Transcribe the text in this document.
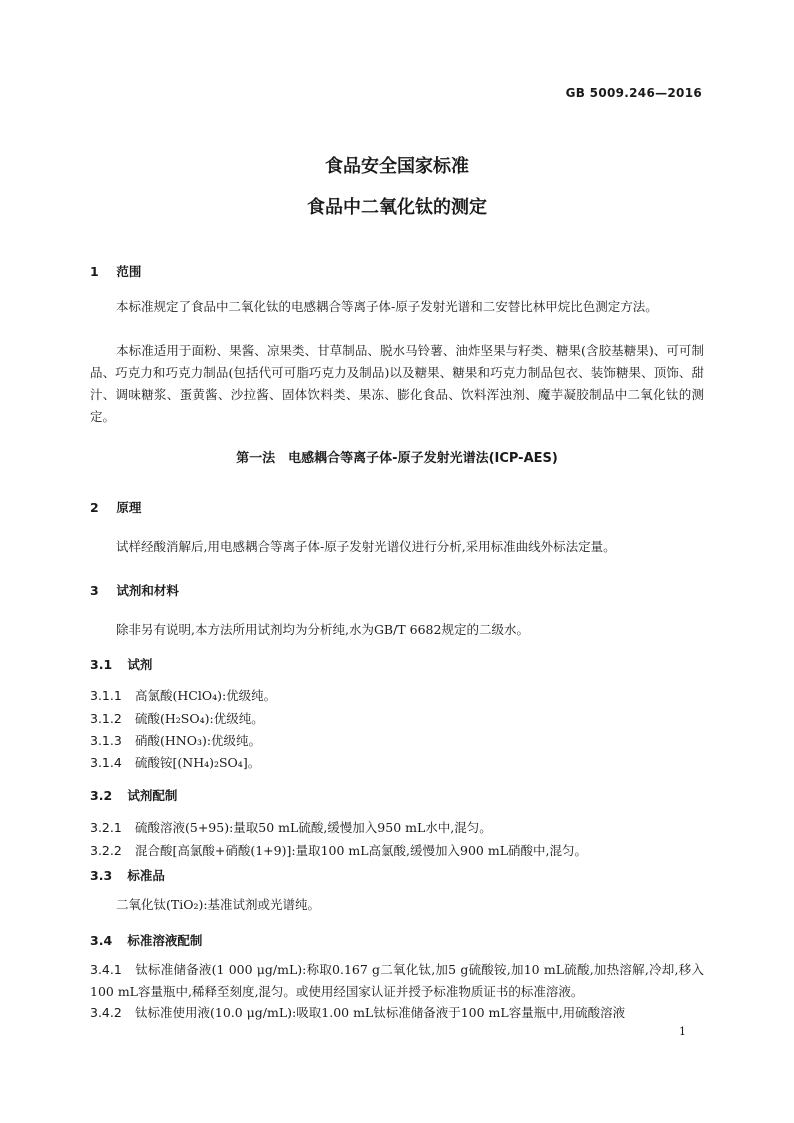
GB 5009.246—2016
食品安全国家标准
食品中二氧化钛的测定
1 范围
本标准规定了食品中二氧化钛的电感耦合等离子体-原子发射光谱和二安替比林甲烷比色测定方法。
本标准适用于面粉、果酱、凉果类、甘草制品、脱水马铃薯、油炸坚果与籽类、糖果(含胶基糖果)、可可制品、巧克力和巧克力制品(包括代可可脂巧克力及制品)以及糖果、糖果和巧克力制品包衣、装饰糖果、顶饰、甜汁、调味糖浆、蛋黄酱、沙拉酱、固体饮料类、果冻、膨化食品、饮料浑浊剂、魔芋凝胶制品中二氧化钛的测定。
第一法　电感耦合等离子体-原子发射光谱法(ICP-AES)
2 原理
试样经酸消解后,用电感耦合等离子体-原子发射光谱仪进行分析,采用标准曲线外标法定量。
3 试剂和材料
除非另有说明,本方法所用试剂均为分析纯,水为GB/T 6682规定的二级水。
3.1 试剂
3.1.1 高氯酸(HClO₄):优级纯。
3.1.2 硫酸(H₂SO₄):优级纯。
3.1.3 硝酸(HNO₃):优级纯。
3.1.4 硫酸铵[(NH₄)₂SO₄]。
3.2 试剂配制
3.2.1 硫酸溶液(5+95):量取50 mL硫酸,缓慢加入950 mL水中,混匀。
3.2.2 混合酸[高氯酸+硝酸(1+9)]:量取100 mL高氯酸,缓慢加入900 mL硝酸中,混匀。
3.3 标准品
二氧化钛(TiO₂):基准试剂或光谱纯。
3.4 标准溶液配制
3.4.1 钛标准储备液(1 000 μg/mL):称取0.167 g二氧化钛,加5 g硫酸铵,加10 mL硫酸,加热溶解,冷却,移入100 mL容量瓶中,稀释至刻度,混匀。或使用经国家认证并授予标准物质证书的标准溶液。
3.4.2 钛标准使用液(10.0 μg/mL):吸取1.00 mL钛标准储备液于100 mL容量瓶中,用硫酸溶液
1
